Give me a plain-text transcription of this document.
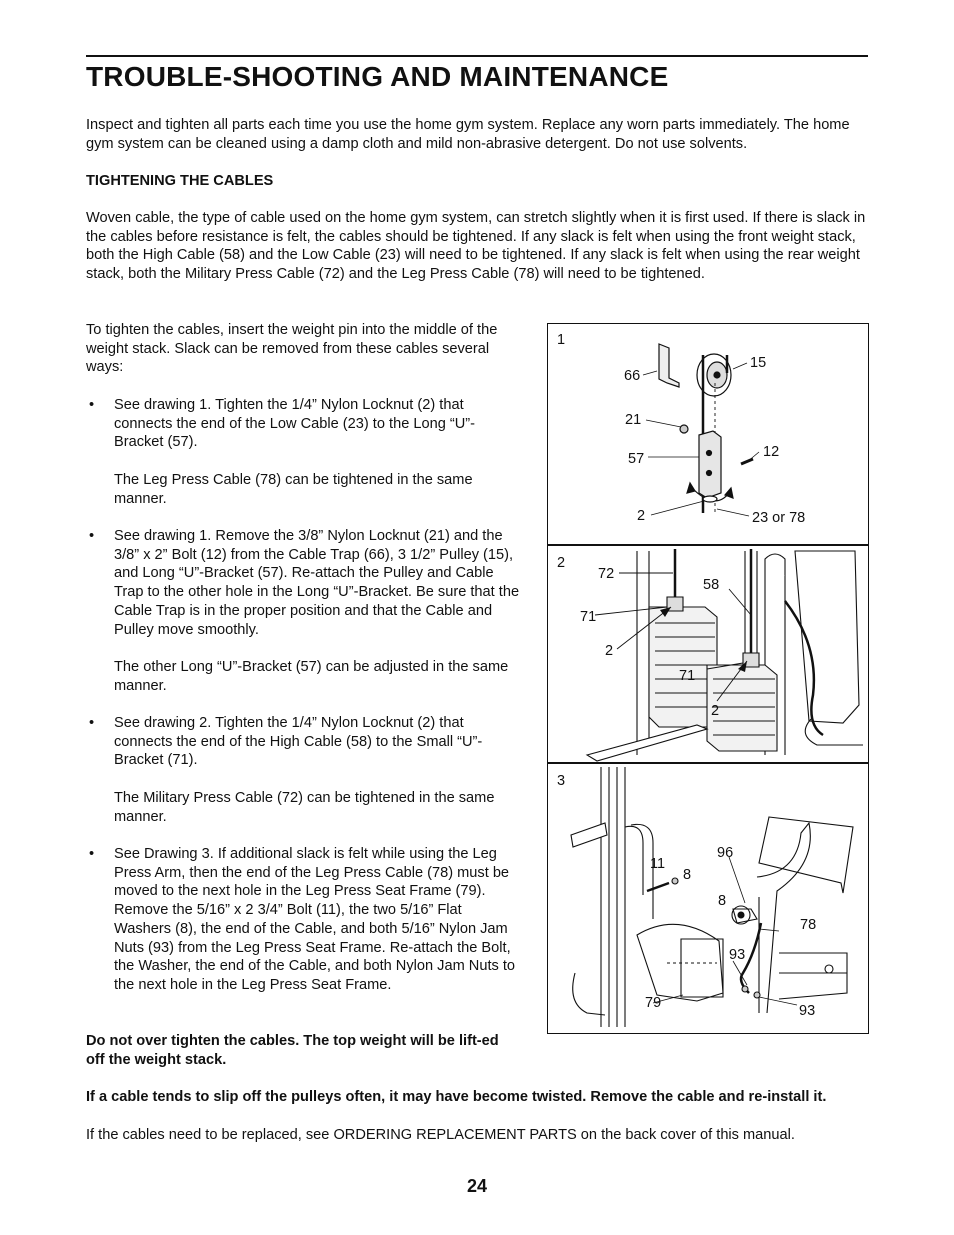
TROUBLE-SHOOTING AND MAINTENANCE

Inspect and tighten all parts each time you use the home gym system. Replace any worn parts immediately. The home gym system can be cleaned using a damp cloth and mild non-abrasive detergent. Do not use solvents.

TIGHTENING THE CABLES

Woven cable, the type of cable used on the home gym system, can stretch slightly when it is first used. If there is slack in the cables before resistance is felt, the cables should be tightened. If any slack is felt when using the front weight stack, both the High Cable (58) and the Low Cable (23) will need to be tightened. If any slack is felt when using the rear weight stack, both the Military Press Cable (72) and the Leg Press Cable (78) will need to be tightened.

To tighten the cables, insert the weight pin into the middle of the weight stack. Slack can be removed from these cables several ways:

• See drawing 1. Tighten the 1/4” Nylon Locknut (2) that connects the end of the Low Cable (23) to the Long “U”-Bracket (57).

The Leg Press Cable (78) can be tightened in the same manner.

• See drawing 1. Remove the 3/8” Nylon Locknut (21) and the 3/8” x 2” Bolt (12) from the Cable Trap (66), 3 1/2” Pulley (15), and Long “U”-Bracket (57). Re-attach the Pulley and Cable Trap to the other hole in the Long “U”-Bracket. Be sure that the Cable Trap is in the proper position and that the Cable and Pulley move smoothly.

The other Long “U”-Bracket (57) can be adjusted in the same manner.

• See drawing 2. Tighten the 1/4” Nylon Locknut (2) that connects the end of the High Cable (58) to the Small “U”-Bracket (71).

The Military Press Cable (72) can be tightened in the same manner.

• See Drawing 3. If additional slack is felt while using the Leg Press Arm, then the end of the Leg Press Cable (78) must be moved to the next hole in the Leg Press Seat Frame (79). Remove the 5/16” x 2 3/4” Bolt (11), the two 5/16” Flat Washers (8), the end of the Cable, and both 5/16” Nylon Jam Nuts (93) from the Leg Press Seat Frame. Re-attach the Bolt, the Washer, the end of the Cable, and both Nylon Jam Nuts to the next hole in the Leg Press Seat Frame.

Do not over tighten the cables. The top weight will be lift-ed off the weight stack.

If a cable tends to slip off the pulleys often, it may have become twisted. Remove the cable and re-install it.

If the cables need to be replaced, see ORDERING REPLACEMENT PARTS on the back cover of this manual.

24

1
66
15
21
57	12
2	23 or 78
2
72
58
71
2
71
2
3
11
8
96
8
78
93
79	93
